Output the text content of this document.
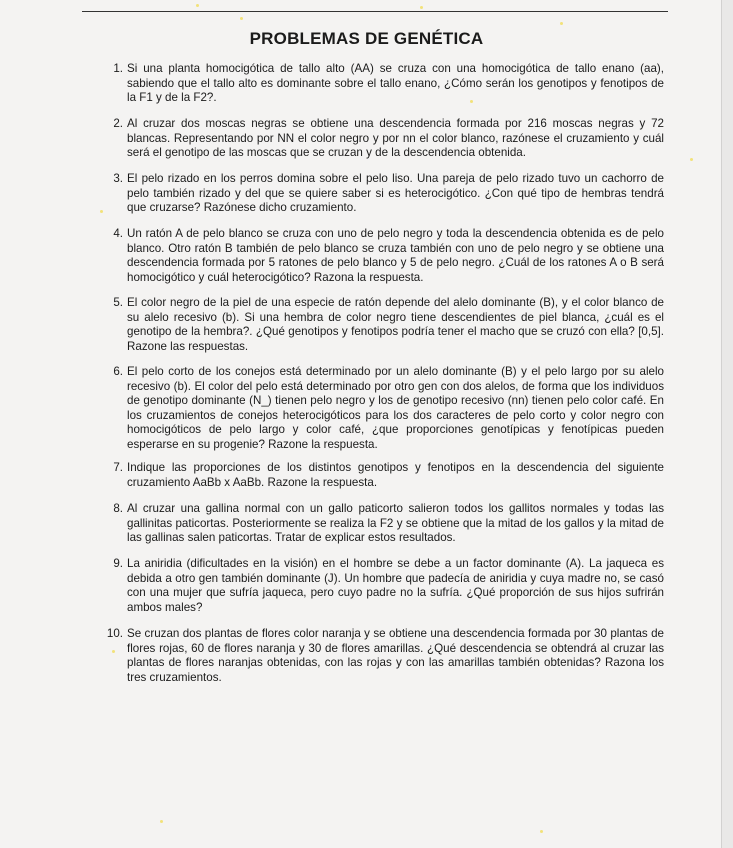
PROBLEMAS DE GENÉTICA
1. Si una planta homocigótica de tallo alto (AA) se cruza con una homocigótica de tallo enano (aa), sabiendo que el tallo alto es dominante sobre el tallo enano, ¿Cómo serán los genotipos y fenotipos de la F1 y de la F2?.
2. Al cruzar dos moscas negras se obtiene una descendencia formada por 216 moscas negras y 72 blancas. Representando por NN el color negro y por nn el color blanco, razónese el cruzamiento y cuál será el genotipo de las moscas que se cruzan y de la descendencia obtenida.
3. El pelo rizado en los perros domina sobre el pelo liso. Una pareja de pelo rizado tuvo un cachorro de pelo también rizado y del que se quiere saber si es heterocigótico. ¿Con qué tipo de hembras tendrá que cruzarse? Razónese dicho cruzamiento.
4. Un ratón A de pelo blanco se cruza con uno de pelo negro y toda la descendencia obtenida es de pelo blanco. Otro ratón B también de pelo blanco se cruza también con uno de pelo negro y se obtiene una descendencia formada por 5 ratones de pelo blanco y 5 de pelo negro. ¿Cuál de los ratones A o B será homocigótico y cuál heterocigótico? Razona la respuesta.
5. El color negro de la piel de una especie de ratón depende del alelo dominante (B), y el color blanco de su alelo recesivo (b). Si una hembra de color negro tiene descendientes de piel blanca, ¿cuál es el genotipo de la hembra?. ¿Qué genotipos y fenotipos podría tener el macho que se cruzó con ella? [0,5]. Razone las respuestas.
6. El pelo corto de los conejos está determinado por un alelo dominante (B) y el pelo largo por su alelo recesivo (b). El color del pelo está determinado por otro gen con dos alelos, de forma que los individuos de genotipo dominante (N_) tienen pelo negro y los de genotipo recesivo (nn) tienen pelo color café. En los cruzamientos de conejos heterocigóticos para los dos caracteres de pelo corto y color negro con homocigóticos de pelo largo y color café, ¿que proporciones genotípicas y fenotípicas pueden esperarse en su progenie? Razone la respuesta.
7. Indique las proporciones de los distintos genotipos y fenotipos en la descendencia del siguiente cruzamiento AaBb x AaBb. Razone la respuesta.
8. Al cruzar una gallina normal con un gallo paticorto salieron todos los gallitos normales y todas las gallinitas paticortas. Posteriormente se realiza la F2 y se obtiene que la mitad de los gallos y la mitad de las gallinas salen paticortas. Tratar de explicar estos resultados.
9. La aniridia (dificultades en la visión) en el hombre se debe a un factor dominante (A). La jaqueca es debida a otro gen también dominante (J). Un hombre que padecía de aniridia y cuya madre no, se casó con una mujer que sufría jaqueca, pero cuyo padre no la sufría. ¿Qué proporción de sus hijos sufrirán ambos males?
10. Se cruzan dos plantas de flores color naranja y se obtiene una descendencia formada por 30 plantas de flores rojas, 60 de flores naranja y 30 de flores amarillas. ¿Qué descendencia se obtendrá al cruzar las plantas de flores naranjas obtenidas, con las rojas y con las amarillas también obtenidas? Razona los tres cruzamientos.
